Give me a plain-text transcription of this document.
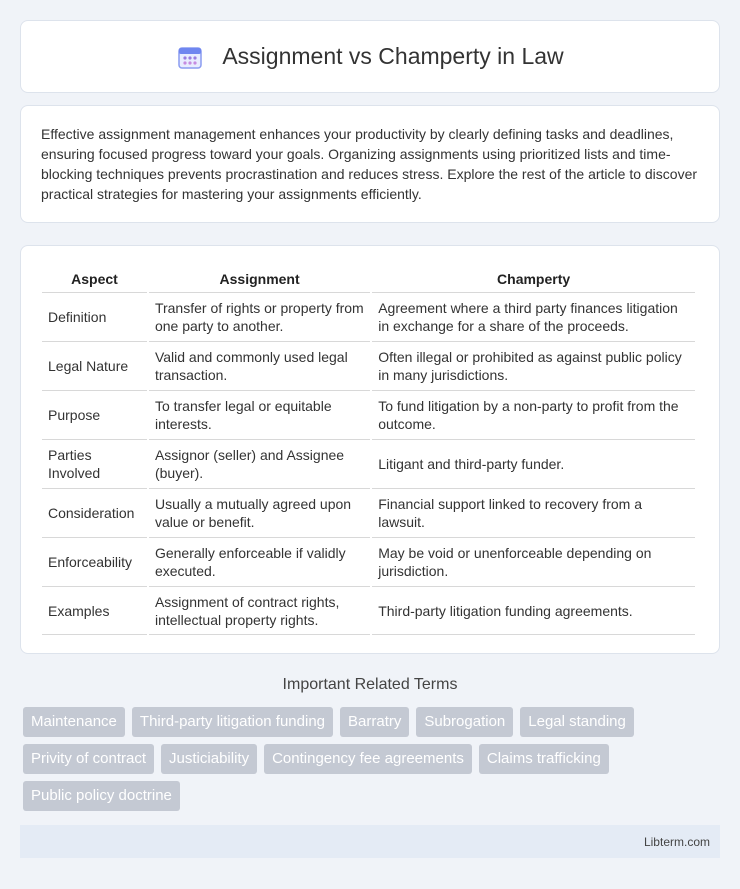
Assignment vs Champerty in Law

Effective assignment management enhances your productivity by clearly defining tasks and deadlines, ensuring focused progress toward your goals. Organizing assignments using prioritized lists and time-blocking techniques prevents procrastination and reduces stress. Explore the rest of the article to discover practical strategies for mastering your assignments efficiently.

Aspect	Assignment	Champerty
Definition	Transfer of rights or property from one party to another.	Agreement where a third party finances litigation in exchange for a share of the proceeds.
Legal Nature	Valid and commonly used legal transaction.	Often illegal or prohibited as against public policy in many jurisdictions.
Purpose	To transfer legal or equitable interests.	To fund litigation by a non-party to profit from the outcome.
Parties Involved	Assignor (seller) and Assignee (buyer).	Litigant and third-party funder.
Consideration	Usually a mutually agreed upon value or benefit.	Financial support linked to recovery from a lawsuit.
Enforceability	Generally enforceable if validly executed.	May be void or unenforceable depending on jurisdiction.
Examples	Assignment of contract rights, intellectual property rights.	Third-party litigation funding agreements.
Important Related Terms
Maintenance	Third-party litigation funding	Barratry	Subrogation	Legal standing
Privity of contract	Justiciability	Contingency fee agreements	Claims trafficking
Public policy doctrine
Libterm.com
